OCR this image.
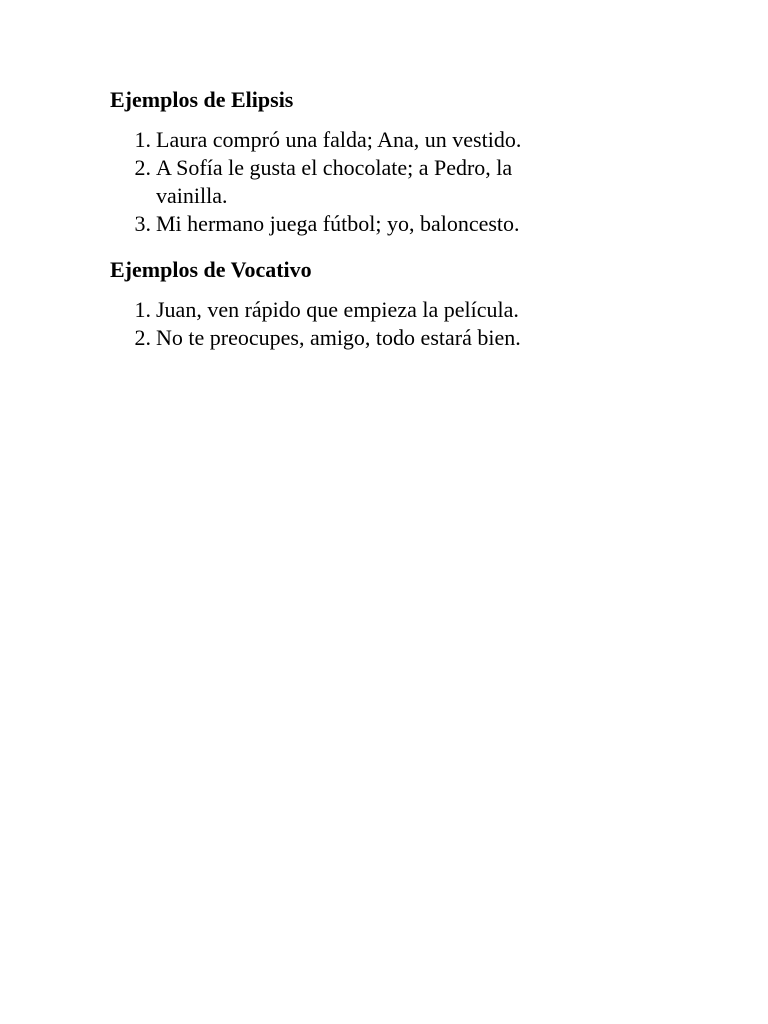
Ejemplos de Elipsis
1. Laura compró una falda; Ana, un vestido.
2. A Sofía le gusta el chocolate; a Pedro, la vainilla.
3. Mi hermano juega fútbol; yo, baloncesto.
Ejemplos de Vocativo
1. Juan, ven rápido que empieza la película.
2. No te preocupes, amigo, todo estará bien.
